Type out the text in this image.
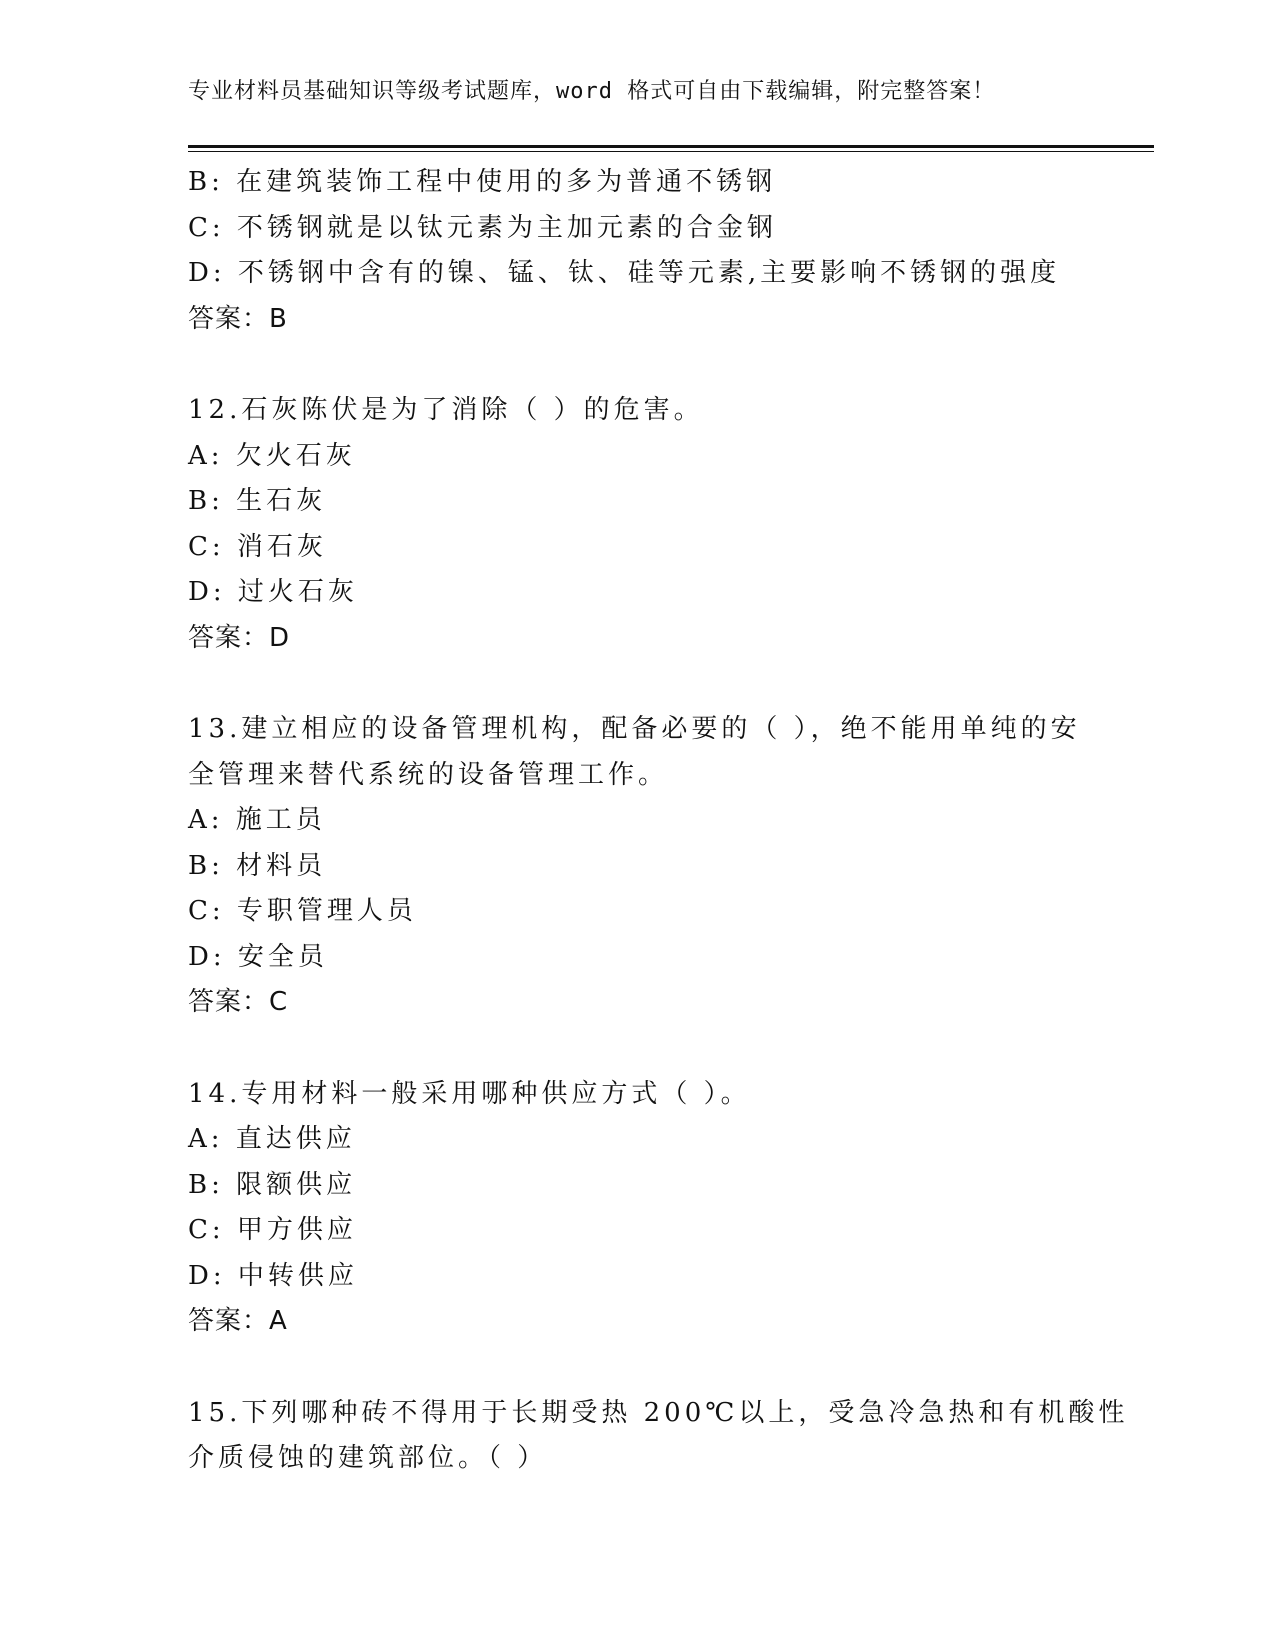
专业材料员基础知识等级考试题库，word 格式可自由下载编辑，附完整答案！
B: 在建筑装饰工程中使用的多为普通不锈钢
C: 不锈钢就是以钛元素为主加元素的合金钢
D: 不锈钢中含有的镍、锰、钛、硅等元素,主要影响不锈钢的强度
答案：B
12.石灰陈伏是为了消除（ ）的危害。
A: 欠火石灰
B: 生石灰
C: 消石灰
D: 过火石灰
答案：D
13.建立相应的设备管理机构，配备必要的（ ），绝不能用单纯的安
全管理来替代系统的设备管理工作。
A: 施工员
B: 材料员
C: 专职管理人员
D: 安全员
答案：C
14.专用材料一般采用哪种供应方式（ ）。
A: 直达供应
B: 限额供应
C: 甲方供应
D: 中转供应
答案：A
15.下列哪种砖不得用于长期受热 200℃以上，受急冷急热和有机酸性
介质侵蚀的建筑部位。（ ）
